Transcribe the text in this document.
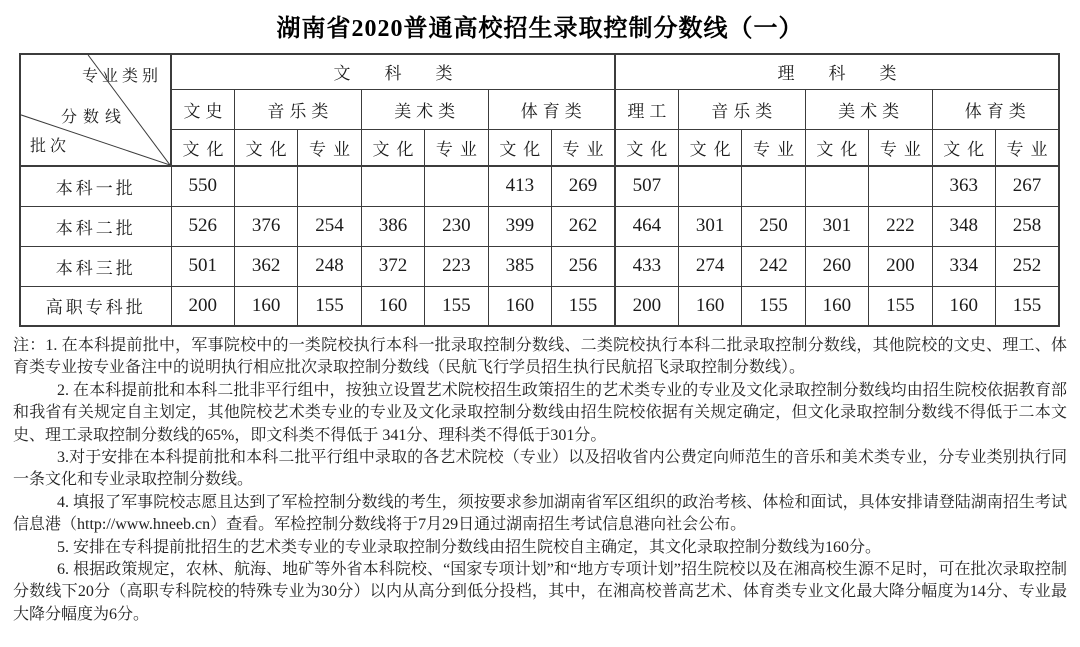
湖南省2020普通高校招生录取控制分数线（一）
专业类别
分数线
批次	文科类							理科类						
	文史	音乐类		美术类		体育类		理工	音乐类		美术类		体育类	
	文化	文化	专业	文化	专业	文化	专业	文化	文化	专业	文化	专业	文化	专业
本科一批	550					413	269	507					363	267
本科二批	526	376	254	386	230	399	262	464	301	250	301	222	348	258
本科三批	501	362	248	372	223	385	256	433	274	242	260	200	334	252
高职专科批	200	160	155	160	155	160	155	200	160	155	160	155	160	155

注：1. 在本科提前批中，军事院校中的一类院校执行本科一批录取控制分数线、二类院校执行本科二批录取控制分数线，其他院校的文史、理工、体育类专业按专业备注中的说明执行相应批次录取控制分数线（民航飞行学员招生执行民航招飞录取控制分数线）。

2. 在本科提前批和本科二批非平行组中，按独立设置艺术院校招生政策招生的艺术类专业的专业及文化录取控制分数线均由招生院校依据教育部和我省有关规定自主划定，其他院校艺术类专业的专业及文化录取控制分数线由招生院校依据有关规定确定，但文化录取控制分数线不得低于二本文史、理工录取控制分数线的65%，即文科类不得低于 341分、理科类不得低于301分。

3.对于安排在本科提前批和本科二批平行组中录取的各艺术院校（专业）以及招收省内公费定向师范生的音乐和美术类专业，分专业类别执行同一条文化和专业录取控制分数线。

4. 填报了军事院校志愿且达到了军检控制分数线的考生，须按要求参加湖南省军区组织的政治考核、体检和面试，具体安排请登陆湖南招生考试信息港（http://www.hneeb.cn）查看。军检控制分数线将于7月29日通过湖南招生考试信息港向社会公布。

5. 安排在专科提前批招生的艺术类专业的专业录取控制分数线由招生院校自主确定，其文化录取控制分数线为160分。

6. 根据政策规定，农林、航海、地矿等外省本科院校、“国家专项计划”和“地方专项计划”招生院校以及在湘高校生源不足时，可在批次录取控制分数线下20分（高职专科院校的特殊专业为30分）以内从高分到低分投档，其中，在湘高校普高艺术、体育类专业文化最大降分幅度为14分、专业最大降分幅度为6分。
